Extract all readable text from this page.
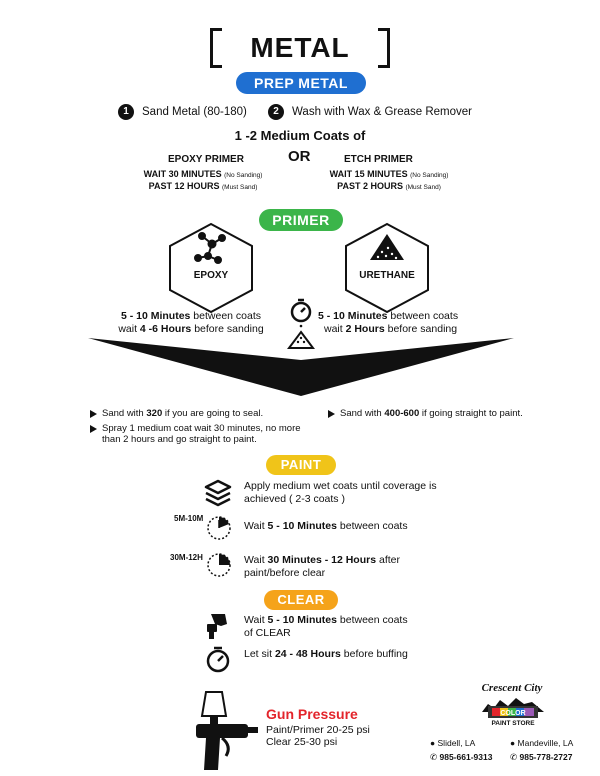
METAL
PREP METAL
1 Sand Metal (80-180)	2 Wash with Wax & Grease Remover
1 -2 Medium Coats of
EPOXY PRIMER	OR	ETCH PRIMER
WAIT 30 MINUTES (No Sanding)
PAST 12 HOURS (Must Sand)
WAIT 15 MINUTES (No Sanding)
PAST 2 HOURS (Must Sand)
PRIMER
EPOXY	URETHANE
5 - 10 Minutes between coats
wait 4 -6 Hours before sanding
5 - 10 Minutes between coats
wait 2 Hours before sanding
Sand with 320 if you are going to seal.
Spray 1 medium coat wait 30 minutes, no more than 2 hours and go straight to paint.
Sand with 400-600 if going straight to paint.
PAINT
Apply medium wet coats until coverage is achieved ( 2-3 coats )
5M-10M
Wait 5 - 10 Minutes between coats
30M-12H	Wait 30 Minutes - 12 Hours after paint/before clear
CLEAR
Wait 5 - 10 Minutes between coats of CLEAR
Let sit 24 - 48 Hours before buffing
Gun Pressure
Paint/Primer 20-25 psi
Clear 25-30 psi
Crescent City
COLOR
PAINT STORE
● Slidell, LA
✆ 985-661-9313
● Mandeville, LA
✆ 985-778-2727
